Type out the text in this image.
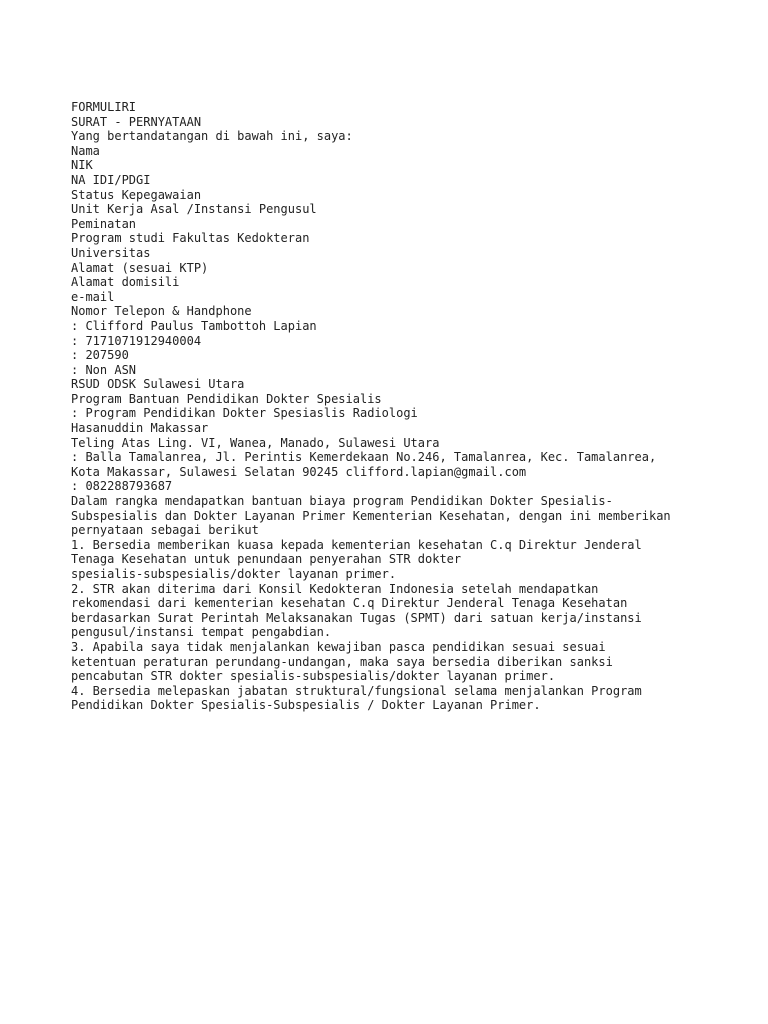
FORMULIRI
SURAT - PERNYATAAN
Yang bertandatangan di bawah ini, saya:
Nama
NIK
NA IDI/PDGI
Status Kepegawaian
Unit Kerja Asal /Instansi Pengusul
Peminatan
Program studi Fakultas Kedokteran
Universitas
Alamat (sesuai KTP)
Alamat domisili
e-mail
Nomor Telepon & Handphone
: Clifford Paulus Tambottoh Lapian
: 7171071912940004
: 207590
: Non ASN
RSUD ODSK Sulawesi Utara
Program Bantuan Pendidikan Dokter Spesialis
: Program Pendidikan Dokter Spesiaslis Radiologi
Hasanuddin Makassar
Teling Atas Ling. VI, Wanea, Manado, Sulawesi Utara
: Balla Tamalanrea, Jl. Perintis Kemerdekaan No.246, Tamalanrea, Kec. Tamalanrea,
Kota Makassar, Sulawesi Selatan 90245 clifford.lapian@gmail.com
: 082288793687
Dalam rangka mendapatkan bantuan biaya program Pendidikan Dokter Spesialis-
Subspesialis dan Dokter Layanan Primer Kementerian Kesehatan, dengan ini memberikan
pernyataan sebagai berikut
1. Bersedia memberikan kuasa kepada kementerian kesehatan C.q Direktur Jenderal
Tenaga Kesehatan untuk penundaan penyerahan STR dokter
spesialis-subspesialis/dokter layanan primer.
2. STR akan diterima dari Konsil Kedokteran Indonesia setelah mendapatkan
rekomendasi dari kementerian kesehatan C.q Direktur Jenderal Tenaga Kesehatan
berdasarkan Surat Perintah Melaksanakan Tugas (SPMT) dari satuan kerja/instansi
pengusul/instansi tempat pengabdian.
3. Apabila saya tidak menjalankan kewajiban pasca pendidikan sesuai sesuai
ketentuan peraturan perundang-undangan, maka saya bersedia diberikan sanksi
pencabutan STR dokter spesialis-subspesialis/dokter layanan primer.
4. Bersedia melepaskan jabatan struktural/fungsional selama menjalankan Program
Pendidikan Dokter Spesialis-Subspesialis / Dokter Layanan Primer.
